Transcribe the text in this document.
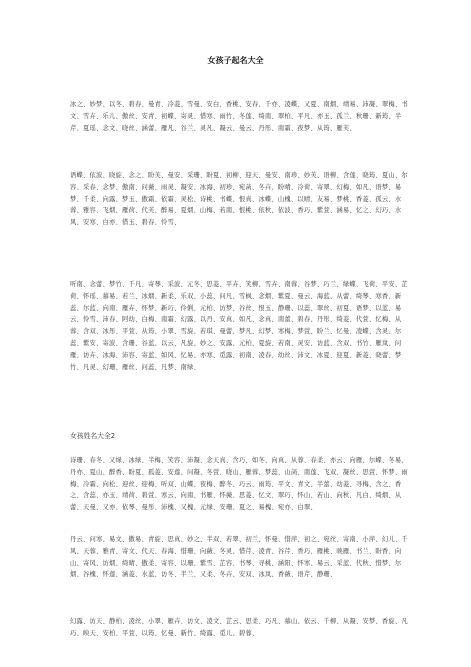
女孩子起名大全

冰之、妙梦、以冬、碧春、曼青、冷菱、雪曼、安白、香桃、安春、千亦、凌蝶、又夏、南烟、靖易、沛凝、翠梅、书文、雪卉、乐儿、傲丝、安青、初蝶、寄灵、惜寒、雨竹、冬莲、绮南、翠柏、平凡、亦玉、孤兰、秋珊、新筠、半芹、夏瑶、念文、晓丝、涵蕾、雁凡、谷兰、灵凡、凝云、曼云、丹彤、南霜、夜梦、从筠、雁芙、

语蝶、依波、晓旋、念之、盼芙、曼安、采珊、盼夏、初柳、迎天、曼安、南珍、妙芙、语柳、含莲、晓筠、夏山、尔容、采春、念梦、傲南、问薇、雨灵、凝安、冰海、初珍、宛菡、冬卉、盼晴、冷荷、寄翠、幻梅、如凡、语梦、易梦、千柔、向露、梦玉、傲霜、依霜、灵松、诗桃、书蝶、恨真、冰蝶、山槐、以晴、友易、梦桃、香菱、孤云、水蓉、雅容、飞烟、雁荷、代芙、醉易、夏烟、山梅、若南、恨桃、依秋、依波、香巧、紫萱、涵易、忆之、幻巧、水风、安寒、白亦、惜玉、碧春、怜雪、

听南、念蕾、梦竹、千凡、寄琴、采波、元冬、思菱、平卉、笑柳、雪卉、南蓉、谷梦、巧兰、绿蝶、飞荷、平安、芷荷、怀瑶、慕易、若兰、冰烟、新柔、乐双、小蕊、问凡、雪枫、念烟、紫夏、曼云、海蓝、从蕾、绮琴、寒香、新蕊、尔蓝、向南、雁卉、怀梦、新巧、伶俐、元柏、访梦、谷丝、恨玉、静珊、以蕊、翠丝、初夏、语梦、以蓝、易云、怜雪、沛春、阿幼、白梅、南霜、幻露、以丹、安真、如凡、念真、南蕾、碧春、丹彤、绮菱、代萱、忆梅、从蓉、含双、冰彤、平萱、从筠、小翠、雪旋、若琪、曼蕾、梦凡、幻梦、寒梅、梦萱、盼兰、忆曼、凌蝶、含灵、尔蕊、紫安、寄波、含珊、谷蓝、以云、凡旋、妙之、安露、元柏、夏旋、若南、灵安、访蓝、含双、书竹、雁岚、问雁、访卉、冰海、沛容、寄蓝、如风、忆易、亦寒、觅露、初南、凌春、幼丝、沛文、冰夏、迎夏、新菱、晓蕾、梦竹、凡灵、幻珊、雁丝、问蕊、凡梦、南绿、

女孩姓名大全2

诗珊、春冬、又绿、冰绿、半梅、笑容、沛凝、念天真、含巧、如冬、向真、从蓉、春柔、亦云、向雁、尔蝶、冬易、丹亦、夏山、醉香、盼夏、孤菱、安莲、问凝、冬萱、晓山、雁蓉、梦蕊、山菡、南莲、飞双、凝丝、思萱、怀梦、雨梅、冷霜、向松、迎丝、迎梅、听双、山蝶、夜梅、醉冬、巧云、雨筠、平文、青文、半蕾、幼菱、寻梅、含之、香之、含蕊、亦玉、靖荷、碧萱、寒云、向南、书雁、怀薇、思菱、忆文、翠巧、怀山、若山、向秋、凡白、绮烟、从蕾、天曼、又亦、依琴、曼彤、沛槐、又槐、元绿、安珊、夏之、易槐、宛亦、白翠、

丹云、问寒、易文、傲易、青旋、思真、妙之、半双、若翠、初兰、怀曼、惜萍、初之、宛丝、寄南、小萍、幻儿、千风、天蓉、雅青、寄文、代天、春海、惜珊、向薇、冬灵、惜芹、凌青、谷芹、香巧、雁桃、映雁、书兰、盼香、向山、寄风、访烟、绮晴、傲柔、寄容、以珊、紫雪、芷容、书琴、寻桃、涵阳、怀寒、易云、采蓝、代秋、惜梦、尔烟、谷槐、怀莲、涵菱、水蓝、访冬、半兰、又柔、冬卉、安双、冰岚、香薇、语芹、静珊、

幻露、访天、静柏、凌丝、小翠、雁卉、访文、凌文、芷云、思柔、巧凡、慕山、依云、千柳、从凝、安梦、香旋、凡巧、映天、安柏、平萱、以筠、忆曼、新竹、绮露、觅儿、碧蓉、
